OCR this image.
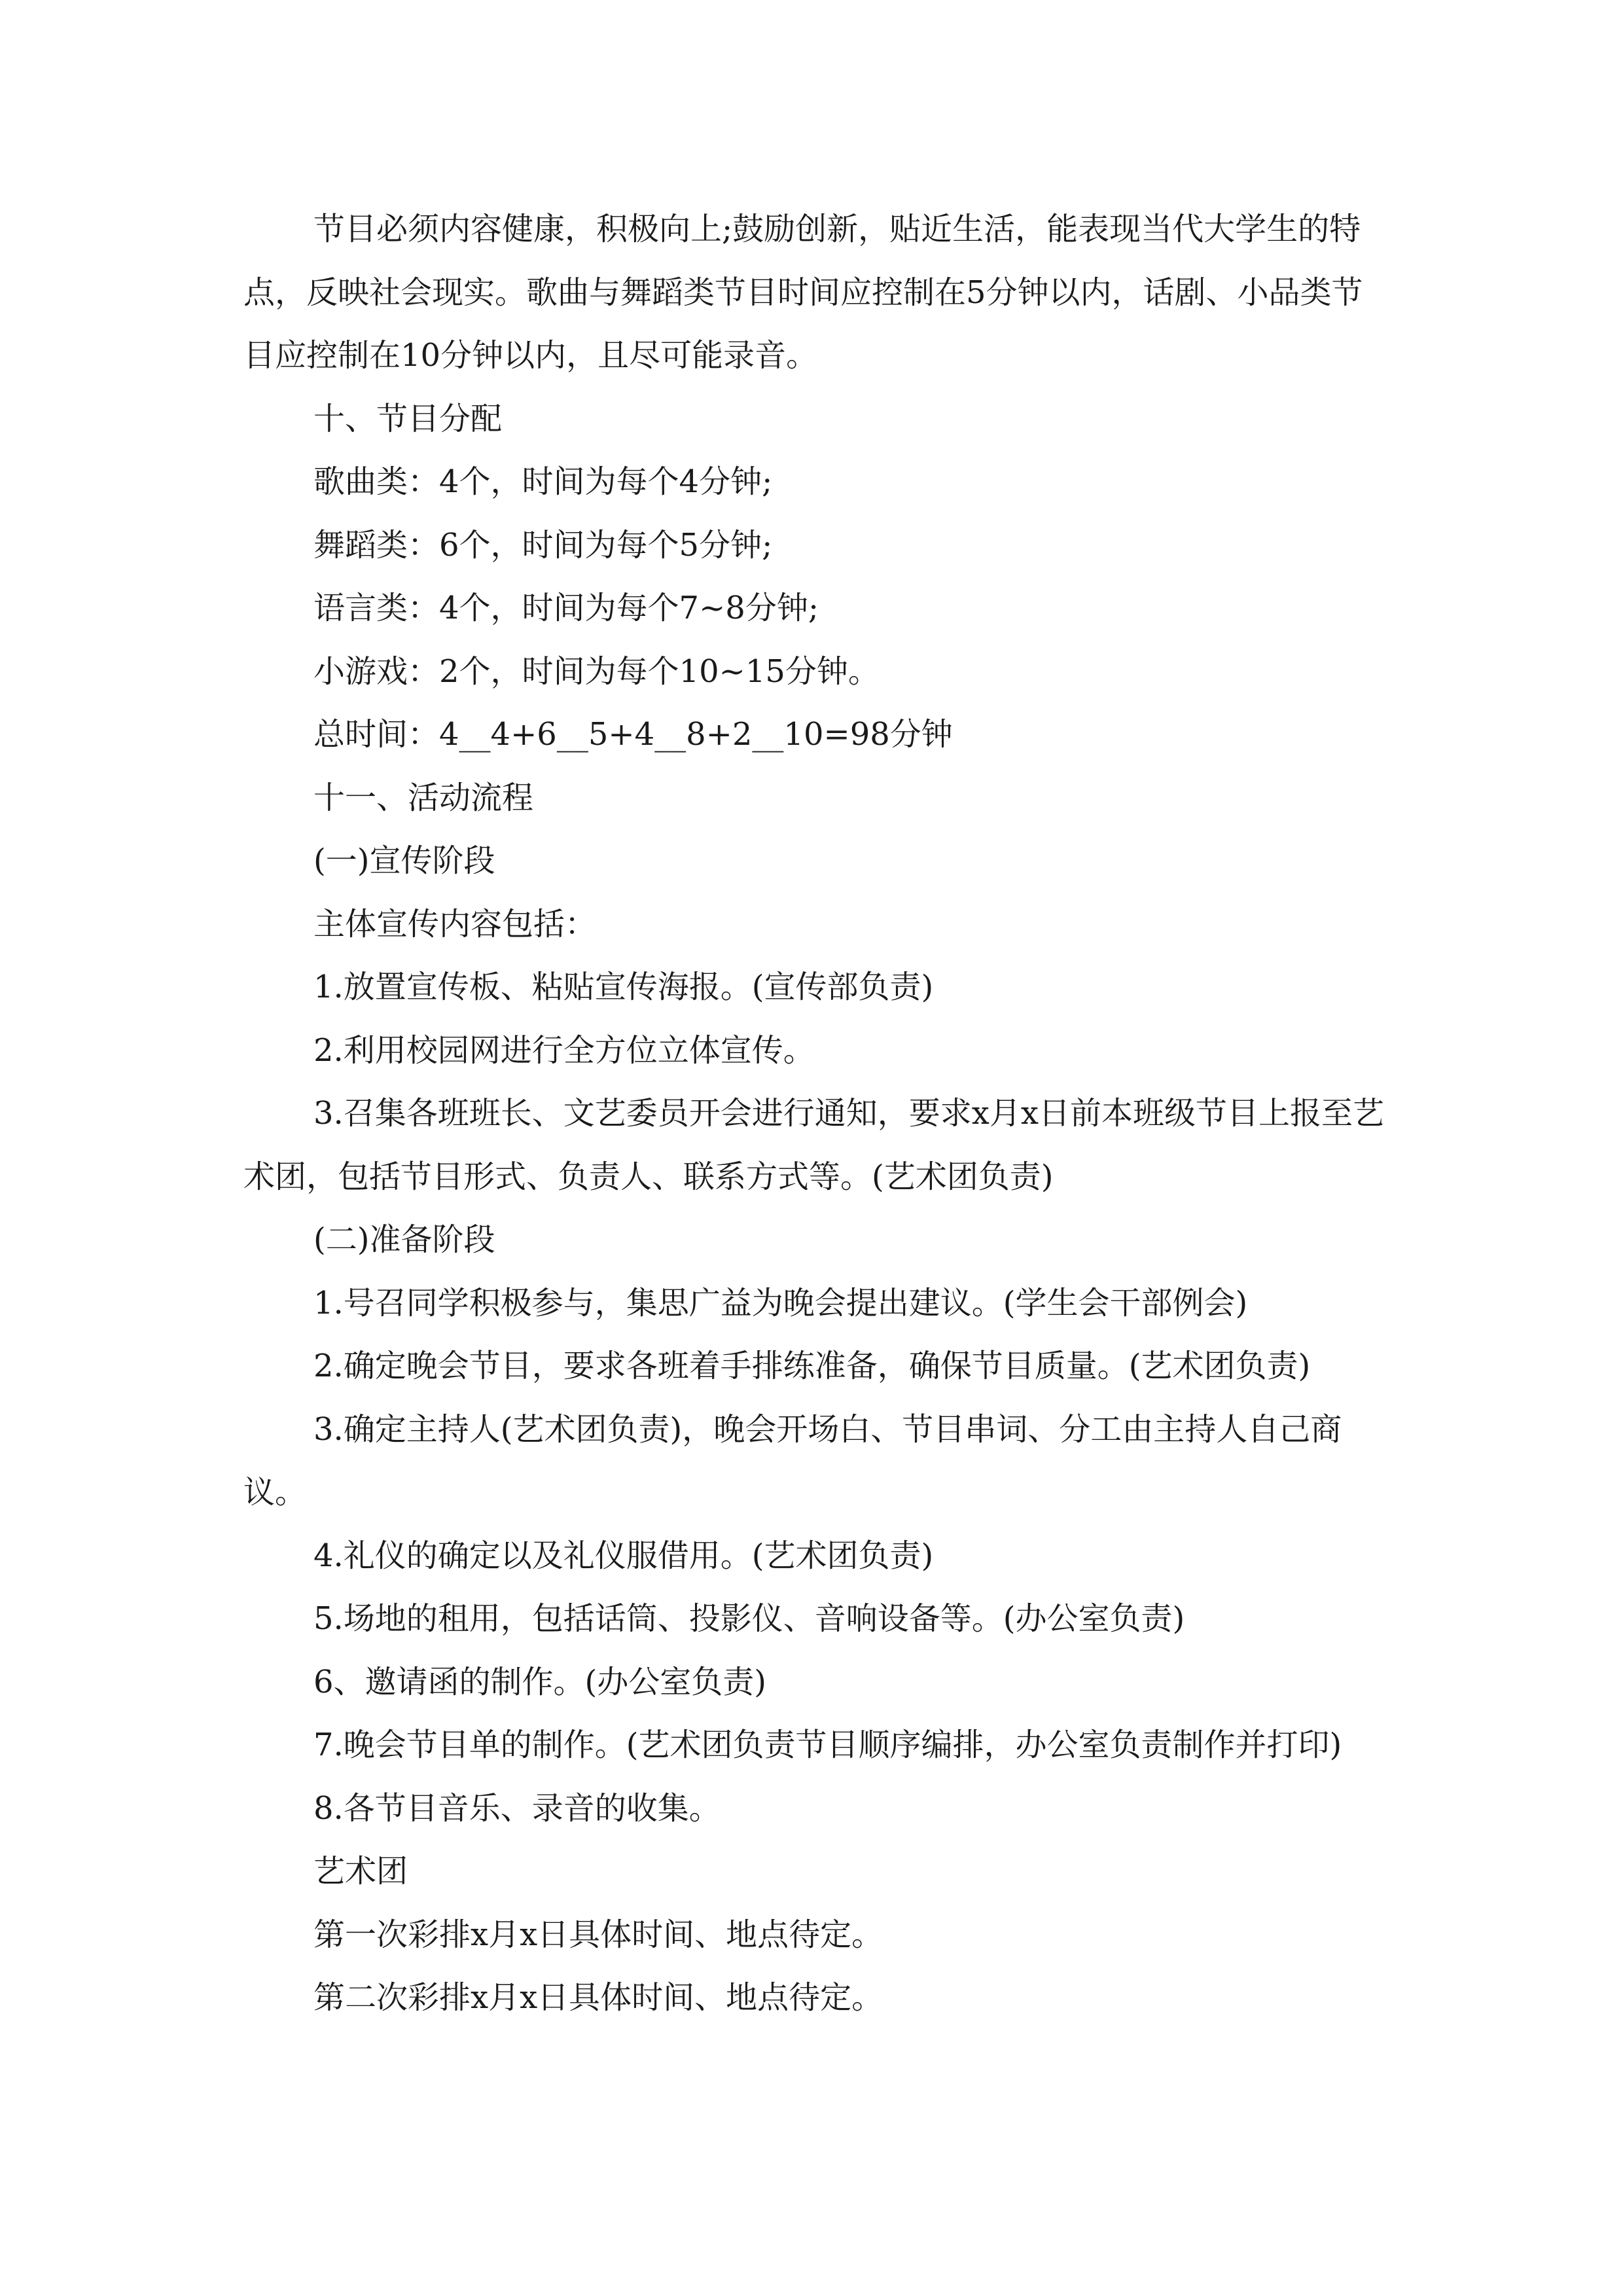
节目必须内容健康，积极向上;鼓励创新，贴近生活，能表现当代大学生的特点，反映社会现实。歌曲与舞蹈类节目时间应控制在5分钟以内，话剧、小品类节目应控制在10分钟以内，且尽可能录音。

十、节目分配

歌曲类：4个，时间为每个4分钟;

舞蹈类：6个，时间为每个5分钟;

语言类：4个，时间为每个7~8分钟;

小游戏：2个，时间为每个10~15分钟。

总时间：4__4+6__5+4__8+2__10=98分钟

十一、活动流程

(一)宣传阶段

主体宣传内容包括：

1.放置宣传板、粘贴宣传海报。(宣传部负责)

2.利用校园网进行全方位立体宣传。

3.召集各班班长、文艺委员开会进行通知，要求x月x日前本班级节目上报至艺术团，包括节目形式、负责人、联系方式等。(艺术团负责)

(二)准备阶段

1.号召同学积极参与，集思广益为晚会提出建议。(学生会干部例会)

2.确定晚会节目，要求各班着手排练准备，确保节目质量。(艺术团负责)

3.确定主持人(艺术团负责)，晚会开场白、节目串词、分工由主持人自己商议。

4.礼仪的确定以及礼仪服借用。(艺术团负责)

5.场地的租用，包括话筒、投影仪、音响设备等。(办公室负责)

6、邀请函的制作。(办公室负责)

7.晚会节目单的制作。(艺术团负责节目顺序编排，办公室负责制作并打印)

8.各节目音乐、录音的收集。

艺术团

第一次彩排x月x日具体时间、地点待定。

第二次彩排x月x日具体时间、地点待定。
